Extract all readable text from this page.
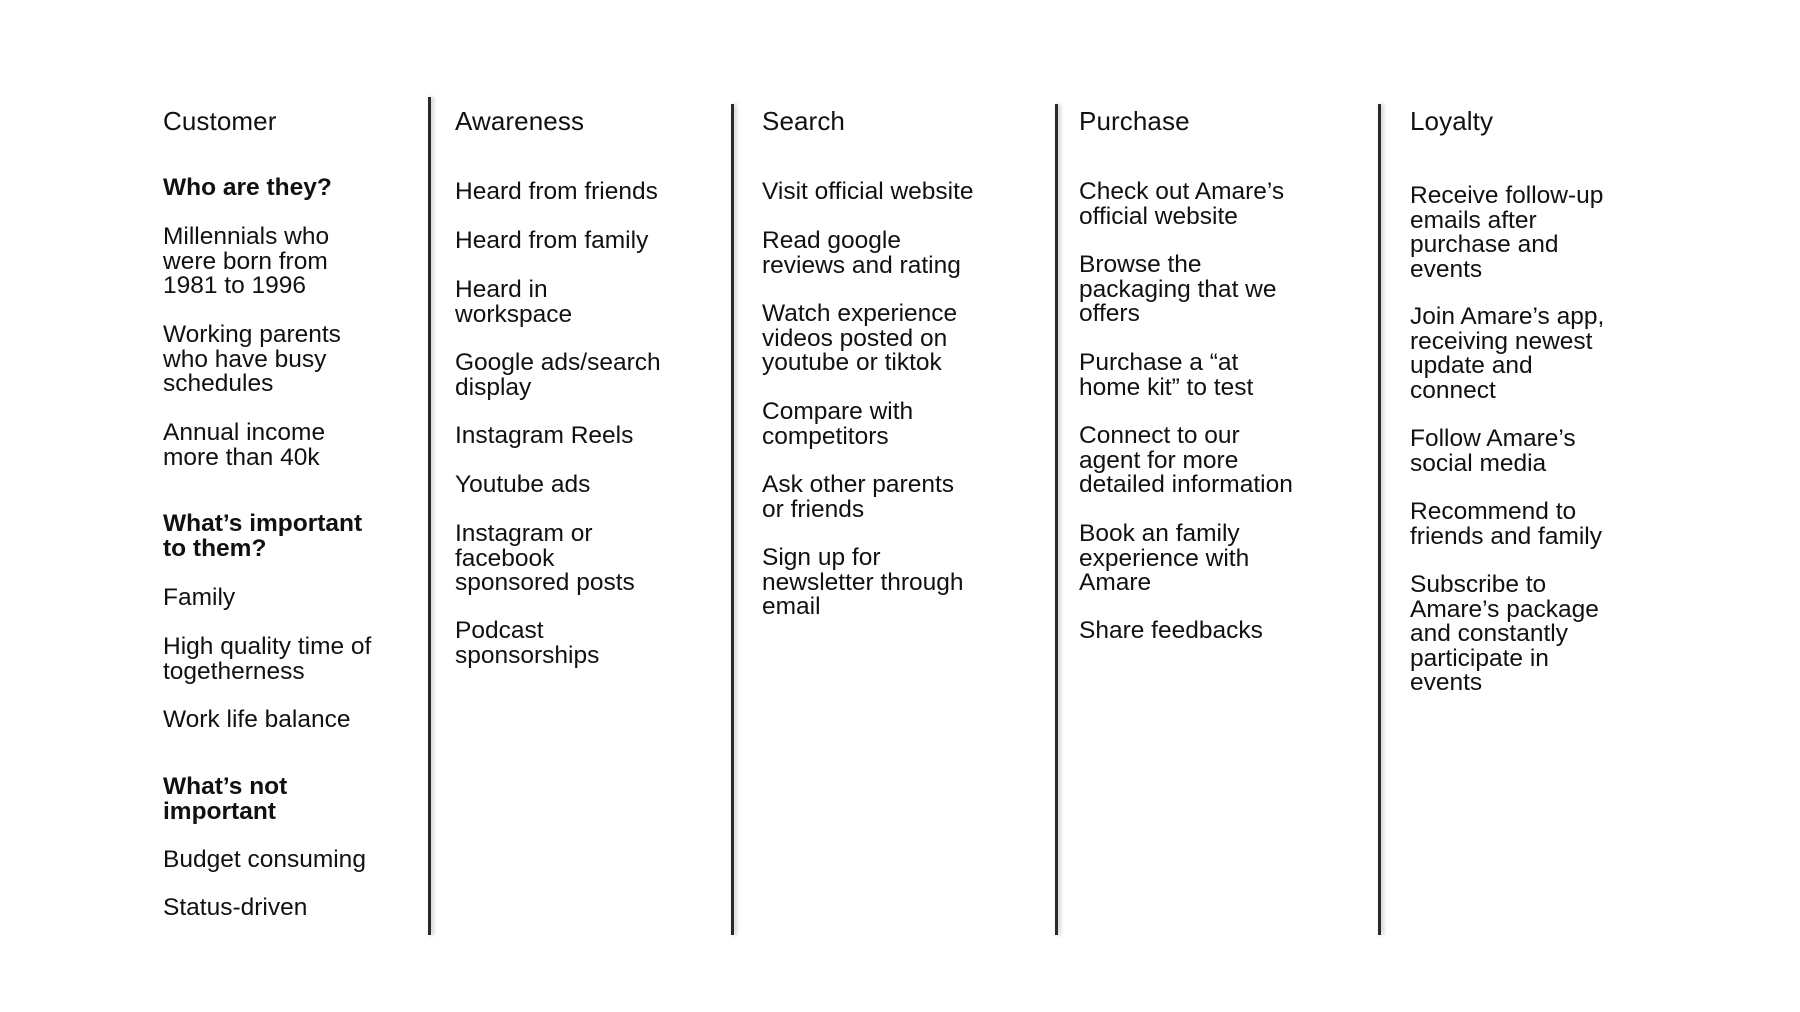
Customer

Who are they?

Millennials who
were born from
1981 to 1996

Working parents
who have busy
schedules

Annual income
more than 40k

What’s important
to them?

Family

High quality time of
togetherness

Work life balance

What’s not
important

Budget consuming

Status-driven

Awareness

Heard from friends

Heard from family

Heard in
workspace

Google ads/search
display

Instagram Reels

Youtube ads

Instagram or
facebook
sponsored posts

Podcast
sponsorships

Search

Visit official website

Read google
reviews and rating

Watch experience
videos posted on
youtube or tiktok

Compare with
competitors

Ask other parents
or friends

Sign up for
newsletter through
email

Purchase

Check out Amare’s
official website

Browse the
packaging that we
offers

Purchase a “at
home kit” to test

Connect to our
agent for more
detailed information

Book an family
experience with
Amare

Share feedbacks

Loyalty

Receive follow-up
emails after
purchase and
events

Join Amare’s app,
receiving newest
update and
connect

Follow Amare’s
social media

Recommend to
friends and family

Subscribe to
Amare’s package
and constantly
participate in
events
